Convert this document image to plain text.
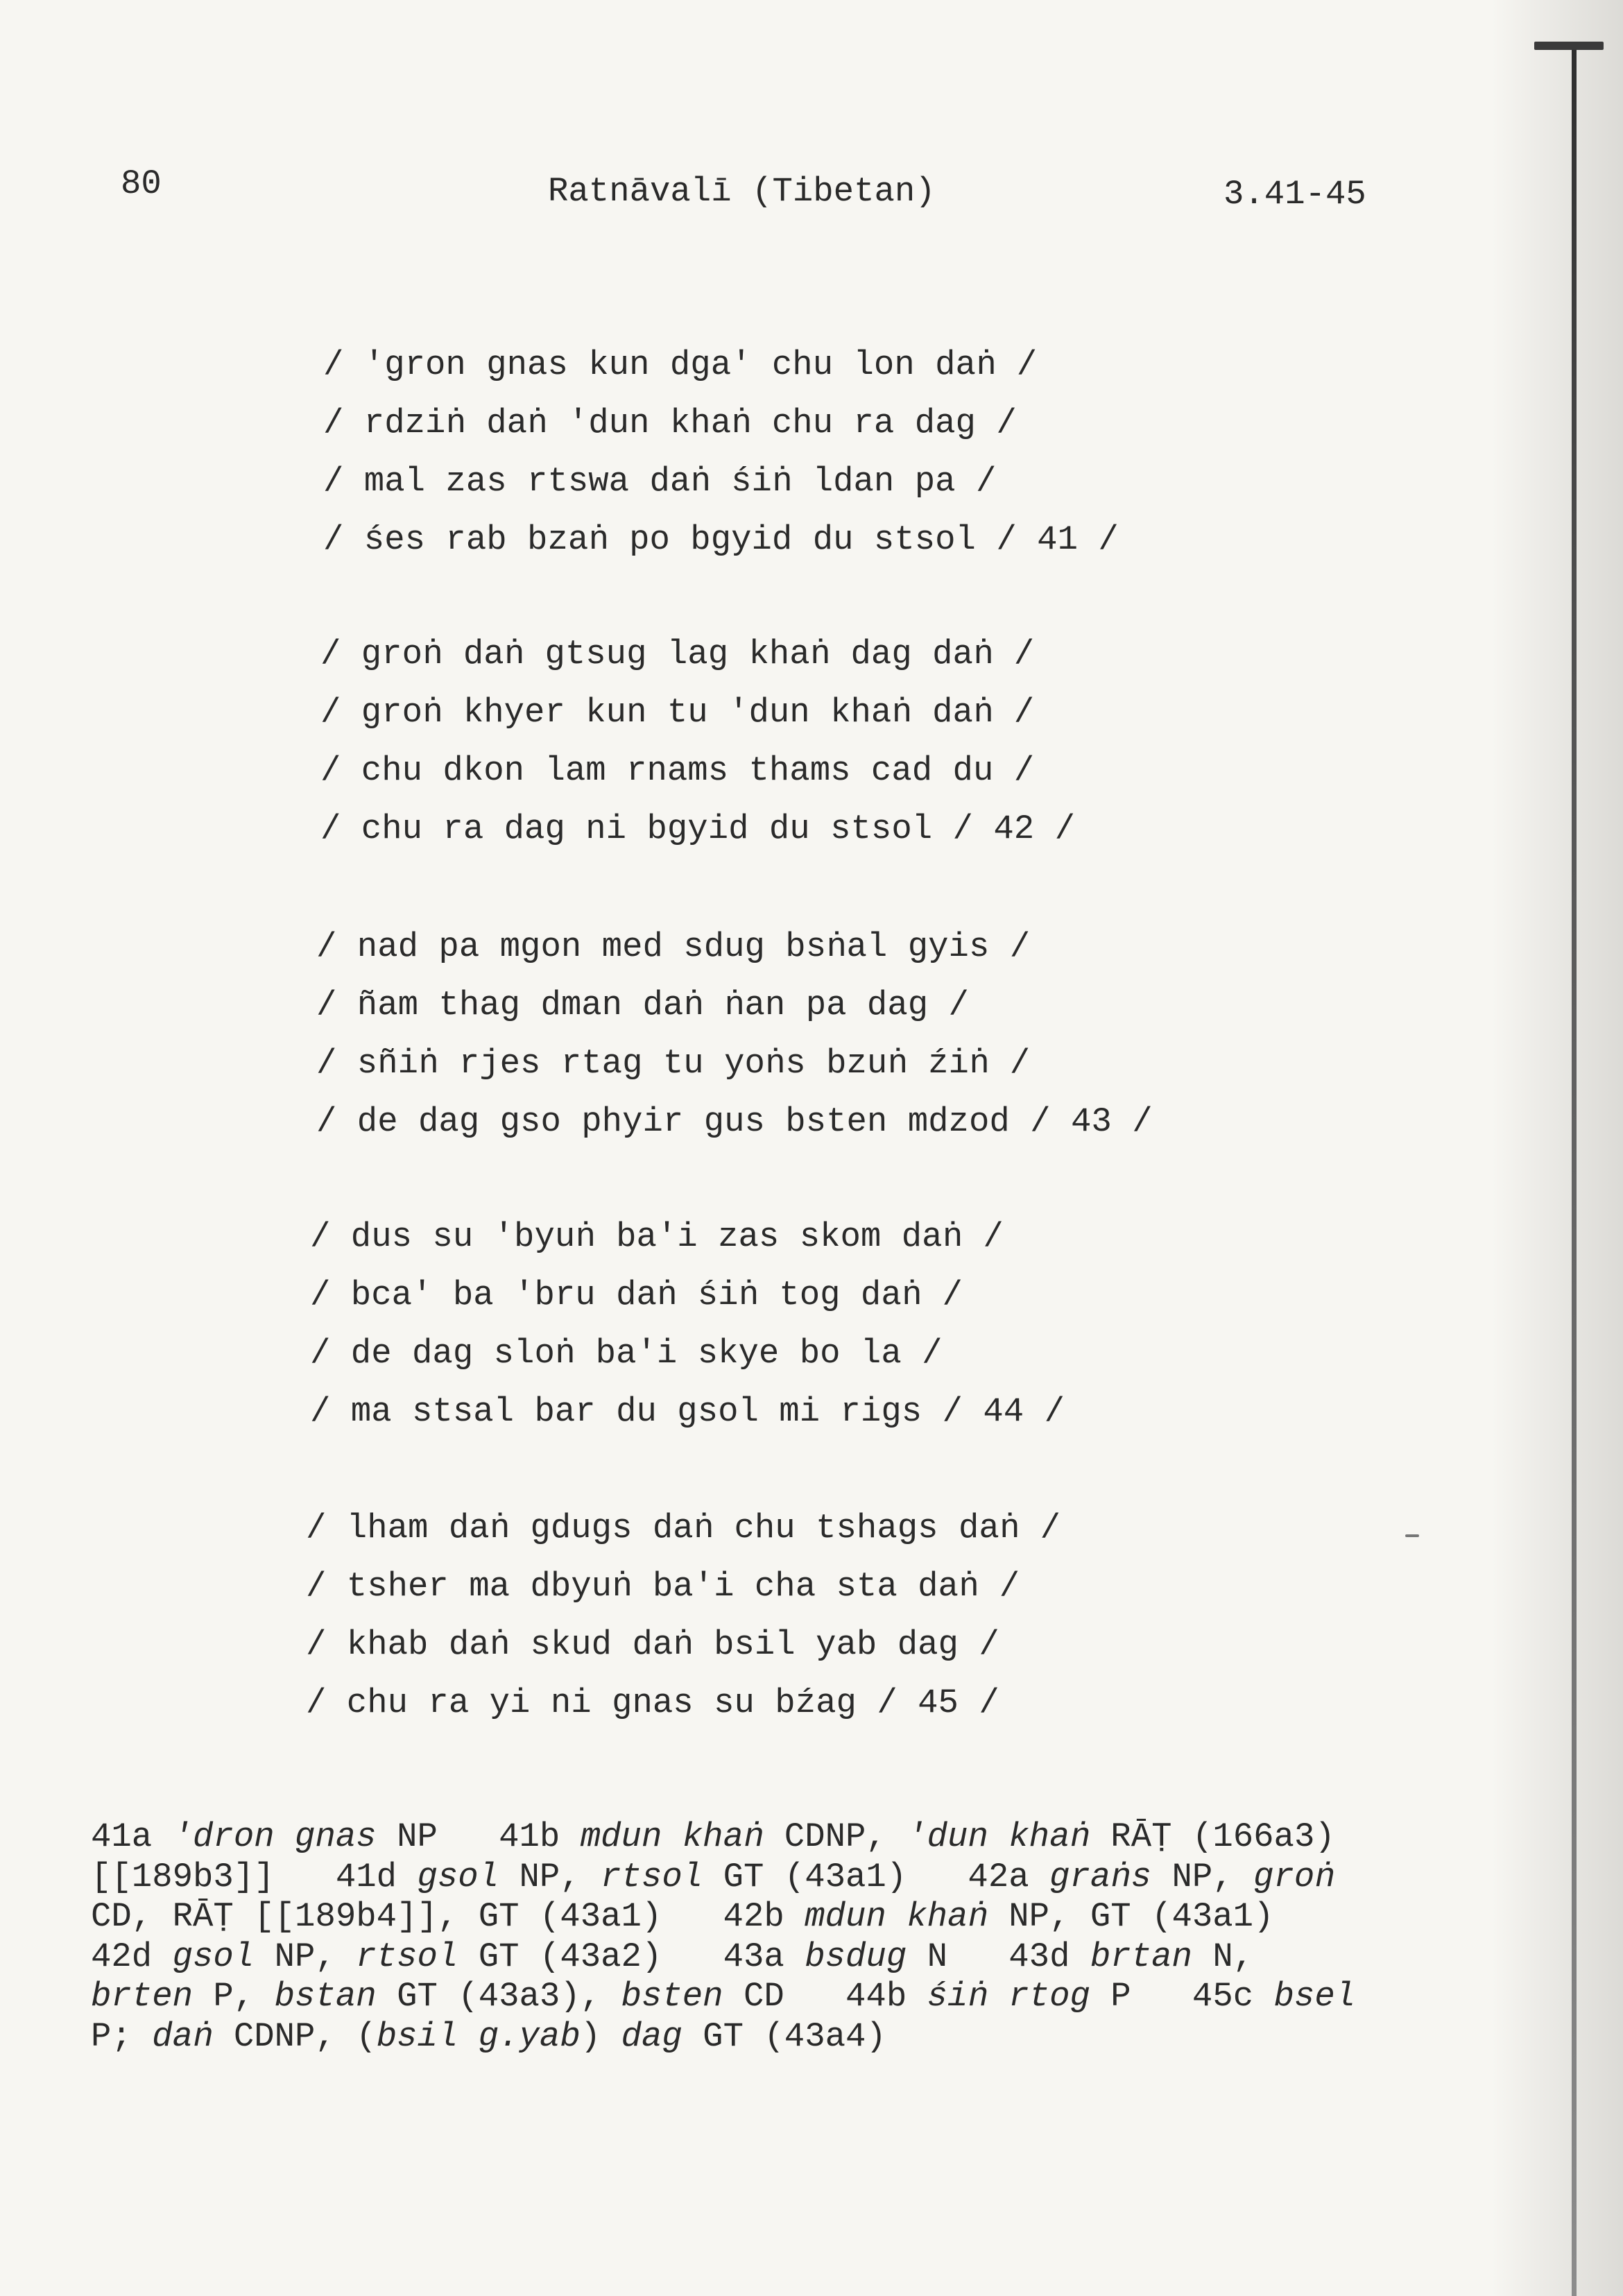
80	Ratnāvalī (Tibetan)	3.41-45
/ 'gron gnas kun dga' chu lon daṅ /
/ rdziṅ daṅ 'dun khaṅ chu ra dag /
/ mal zas rtswa daṅ śiṅ ldan pa /
/ śes rab bzaṅ po bgyid du stsol / 41 /
/ groṅ daṅ gtsug lag khaṅ dag daṅ /
/ groṅ khyer kun tu 'dun khaṅ daṅ /
/ chu dkon lam rnams thams cad du /
/ chu ra dag ni bgyid du stsol / 42 /
/ nad pa mgon med sdug bsṅal gyis /
/ ñam thag dman daṅ ṅan pa dag /
/ sñiṅ rjes rtag tu yoṅs bzuṅ źiṅ /
/ de dag gso phyir gus bsten mdzod / 43 /
/ dus su 'byuṅ ba'i zas skom daṅ /
/ bca' ba 'bru daṅ śiṅ tog daṅ /
/ de dag sloṅ ba'i skye bo la /
/ ma stsal bar du gsol mi rigs / 44 /
/ lham daṅ gdugs daṅ chu tshags daṅ /
/ tsher ma dbyuṅ ba'i cha sta daṅ /
/ khab daṅ skud daṅ bsil yab dag /
/ chu ra yi ni gnas su bźag / 45 /
41a 'dron gnas NP   41b mdun khaṅ CDNP, 'dun khaṅ RĀṬ (166a3)
[[189b3]]   41d gsol NP, rtsol GT (43a1)   42a graṅs NP, groṅ
CD, RĀṬ [[189b4]], GT (43a1)   42b mdun khaṅ NP, GT (43a1)
42d gsol NP, rtsol GT (43a2)   43a bsdug N   43d brtan N,
brten P, bstan GT (43a3), bsten CD   44b śiṅ rtog P   45c bsel
P; daṅ CDNP, (bsil g.yab) dag GT (43a4)
